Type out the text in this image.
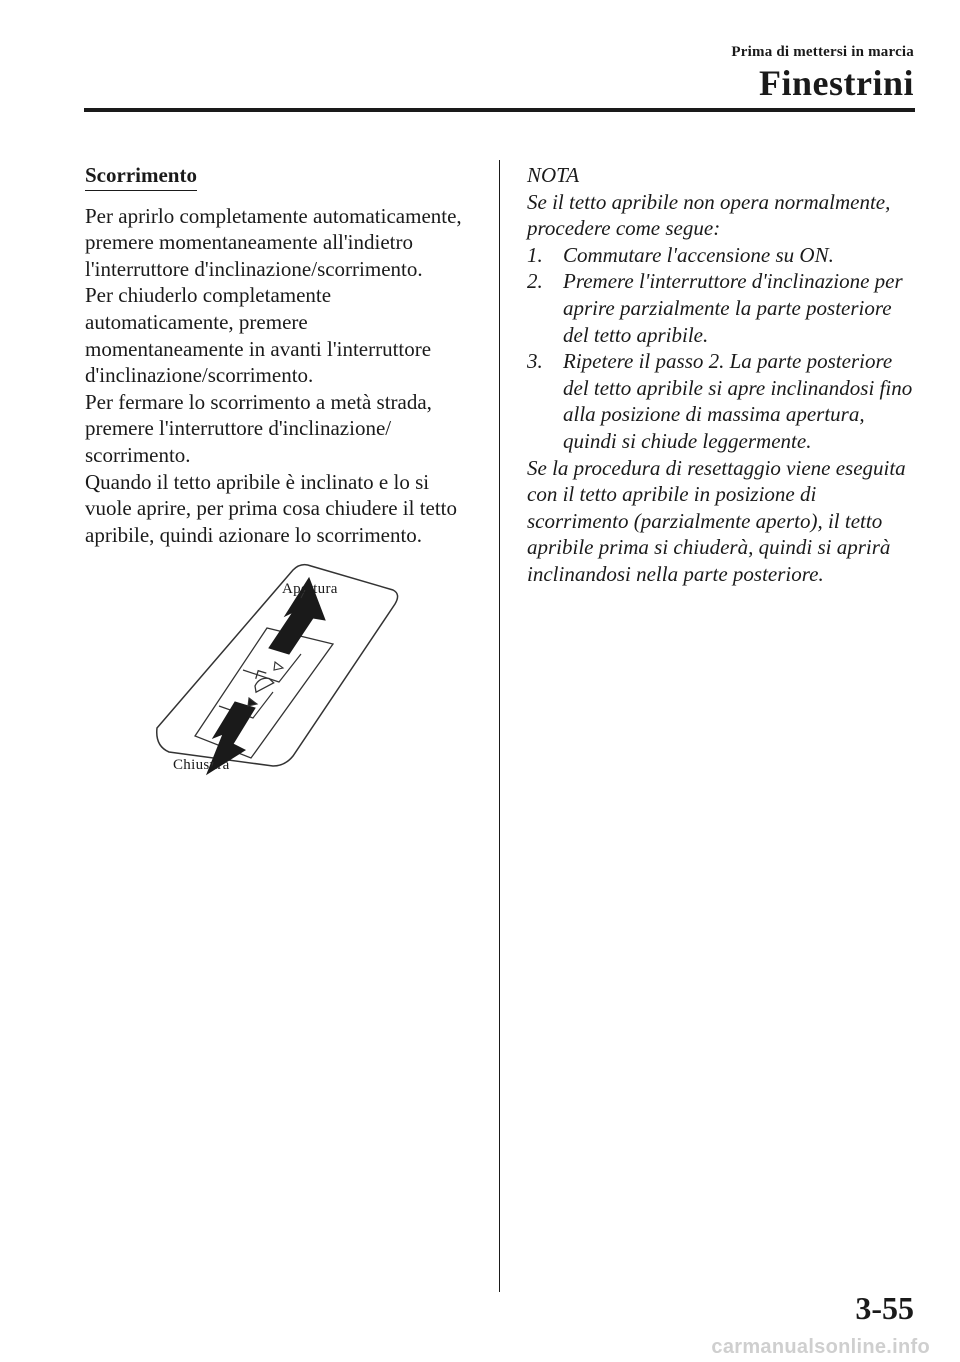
Prima di mettersi in marcia
Finestrini
Scorrimento

Per aprirlo completamente automaticamente, premere momentaneamente all'indietro l'interruttore d'inclinazione/scorrimento.

Per chiuderlo completamente automaticamente, premere momentaneamente in avanti l'interruttore d'inclinazione/scorrimento.

Per fermare lo scorrimento a metà strada, premere l'interruttore d'inclinazione/ scorrimento.

Quando il tetto apribile è inclinato e lo si vuole aprire, per prima cosa chiudere il tetto apribile, quindi azionare lo scorrimento.

Apertura
Chiusura

NOTA

Se il tetto apribile non opera normalmente, procedere come segue:

1. Commutare l'accensione su ON.
2. Premere l'interruttore d'inclinazione per aprire parzialmente la parte posteriore del tetto apribile.
3. Ripetere il passo 2. La parte posteriore del tetto apribile si apre inclinandosi fino alla posizione di massima apertura, quindi si chiude leggermente.

Se la procedura di resettaggio viene eseguita con il tetto apribile in posizione di scorrimento (parzialmente aperto), il tetto apribile prima si chiuderà, quindi si aprirà inclinandosi nella parte posteriore.

3-55
carmanualsonline.info
